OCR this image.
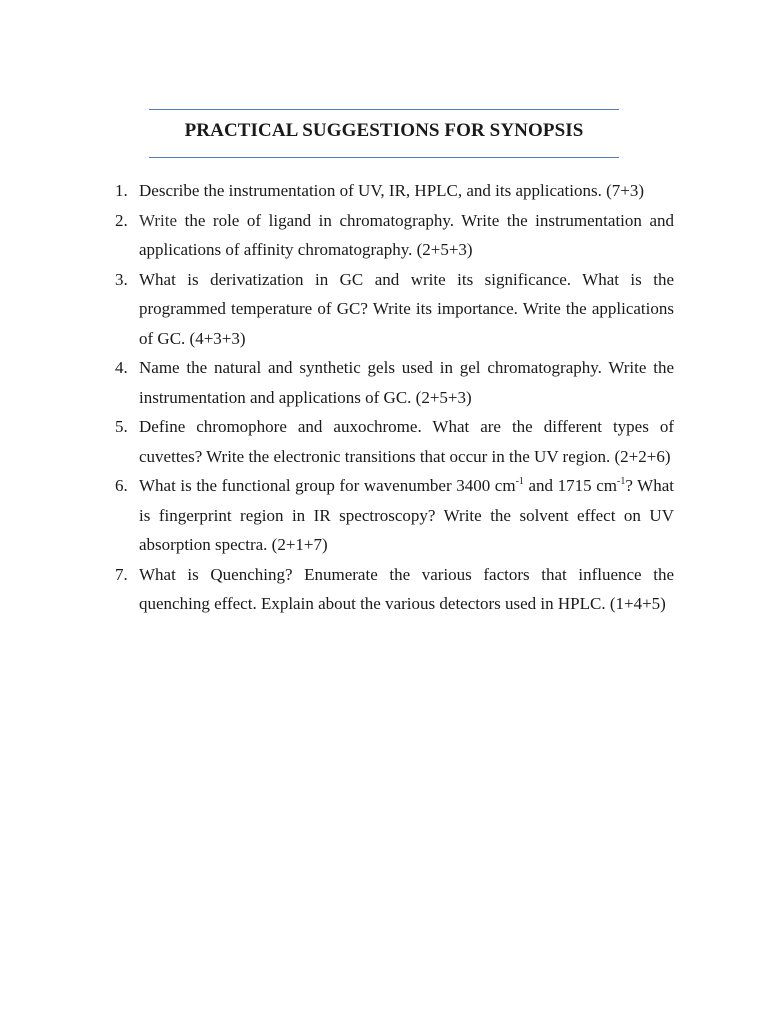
PRACTICAL SUGGESTIONS FOR SYNOPSIS
1. Describe the instrumentation of UV, IR, HPLC, and its applications. (7+3)
2. Write the role of ligand in chromatography. Write the instrumentation and applications of affinity chromatography. (2+5+3)
3. What is derivatization in GC and write its significance. What is the programmed temperature of GC? Write its importance. Write the applications of GC. (4+3+3)
4. Name the natural and synthetic gels used in gel chromatography. Write the instrumentation and applications of GC. (2+5+3)
5. Define chromophore and auxochrome. What are the different types of cuvettes? Write the electronic transitions that occur in the UV region. (2+2+6)
6. What is the functional group for wavenumber 3400 $cm^{-1}$ and 1715 $cm^{-1}$? What is fingerprint region in IR spectroscopy? Write the solvent effect on UV absorption spectra. (2+1+7)
7. What is Quenching? Enumerate the various factors that influence the quenching effect. Explain about the various detectors used in HPLC. (1+4+5)
